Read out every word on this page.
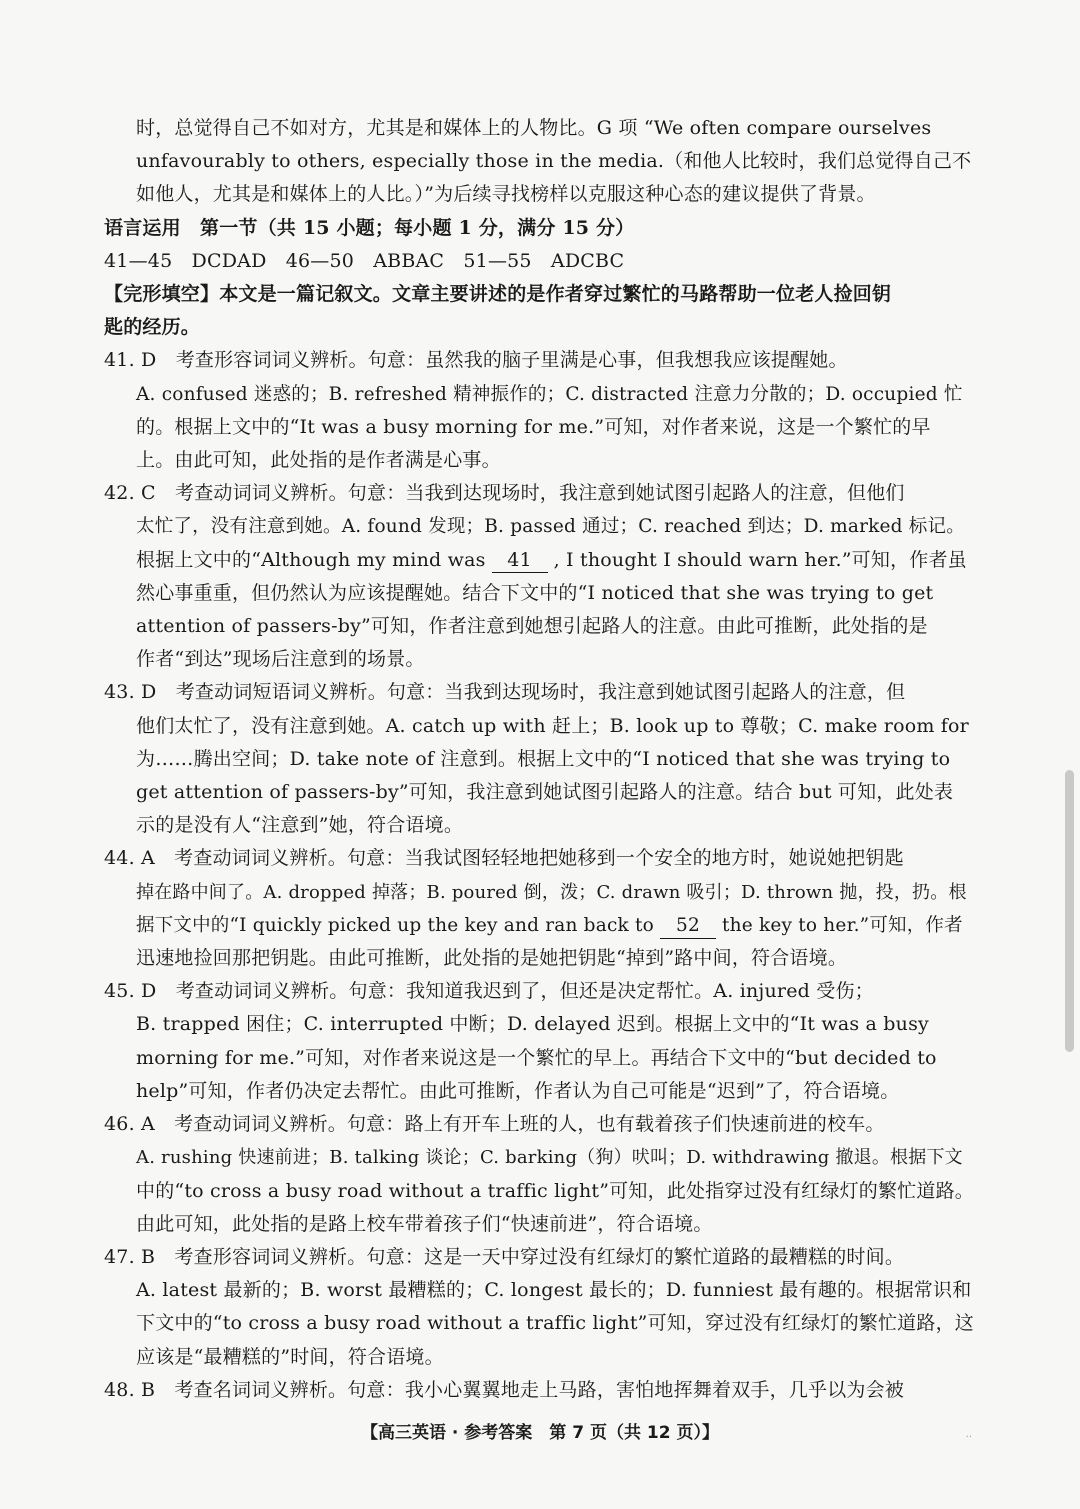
时，总觉得自己不如对方，尤其是和媒体上的人物比。G 项 “We often compare ourselves
unfavourably to others, especially those in the media.（和他人比较时，我们总觉得自己不
如他人，尤其是和媒体上的人比。）”为后续寻找榜样以克服这种心态的建议提供了背景。
语言运用　第一节（共 15 小题；每小题 1 分，满分 15 分）
41—45　DCDAD　46—50　ABBAC　51—55　ADCBC
【完形填空】本文是一篇记叙文。文章主要讲述的是作者穿过繁忙的马路帮助一位老人捡回钥
匙的经历。
41. D　考查形容词词义辨析。句意：虽然我的脑子里满是心事，但我想我应该提醒她。
A. confused 迷惑的；B. refreshed 精神振作的；C. distracted 注意力分散的；D. occupied 忙
的。根据上文中的“It was a busy morning for me.”可知，对作者来说，这是一个繁忙的早
上。由此可知，此处指的是作者满是心事。
42. C　考查动词词义辨析。句意：当我到达现场时，我注意到她试图引起路人的注意，但他们
太忙了，没有注意到她。A. found 发现；B. passed 通过；C. reached 到达；D. marked 标记。
根据上文中的“Although my mind was 41 , I thought I should warn her.”可知，作者虽
然心事重重，但仍然认为应该提醒她。结合下文中的“I noticed that she was trying to get
attention of passers-by”可知，作者注意到她想引起路人的注意。由此可推断，此处指的是
作者“到达”现场后注意到的场景。
43. D　考查动词短语词义辨析。句意：当我到达现场时，我注意到她试图引起路人的注意，但
他们太忙了，没有注意到她。A. catch up with 赶上；B. look up to 尊敬；C. make room for
为……腾出空间；D. take note of 注意到。根据上文中的“I noticed that she was trying to
get attention of passers-by”可知，我注意到她试图引起路人的注意。结合 but 可知，此处表
示的是没有人“注意到”她，符合语境。
44. A　考查动词词义辨析。句意：当我试图轻轻地把她移到一个安全的地方时，她说她把钥匙
掉在路中间了。A. dropped 掉落；B. poured 倒，泼；C. drawn 吸引；D. thrown 抛，投，扔。根
据下文中的“I quickly picked up the key and ran back to 52 the key to her.”可知，作者
迅速地捡回那把钥匙。由此可推断，此处指的是她把钥匙“掉到”路中间，符合语境。
45. D　考查动词词义辨析。句意：我知道我迟到了，但还是决定帮忙。A. injured 受伤；
B. trapped 困住；C. interrupted 中断；D. delayed 迟到。根据上文中的“It was a busy
morning for me.”可知，对作者来说这是一个繁忙的早上。再结合下文中的“but decided to
help”可知，作者仍决定去帮忙。由此可推断，作者认为自己可能是“迟到”了，符合语境。
46. A　考查动词词义辨析。句意：路上有开车上班的人，也有载着孩子们快速前进的校车。
A. rushing 快速前进；B. talking 谈论；C. barking（狗）吠叫；D. withdrawing 撤退。根据下文
中的“to cross a busy road without a traffic light”可知，此处指穿过没有红绿灯的繁忙道路。
由此可知，此处指的是路上校车带着孩子们“快速前进”，符合语境。
47. B　考查形容词词义辨析。句意：这是一天中穿过没有红绿灯的繁忙道路的最糟糕的时间。
A. latest 最新的；B. worst 最糟糕的；C. longest 最长的；D. funniest 最有趣的。根据常识和
下文中的“to cross a busy road without a traffic light”可知，穿过没有红绿灯的繁忙道路，这
应该是“最糟糕的”时间，符合语境。
48. B　考查名词词义辨析。句意：我小心翼翼地走上马路，害怕地挥舞着双手，几乎以为会被
【高三英语 · 参考答案　第 7 页（共 12 页）】	··
